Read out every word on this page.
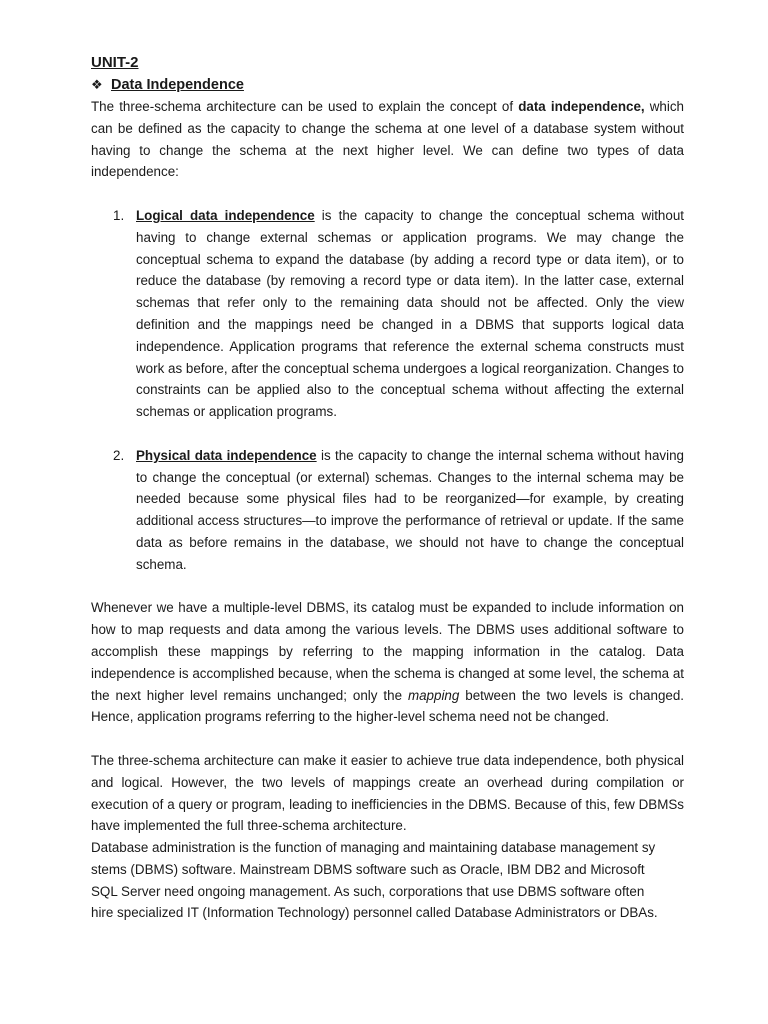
UNIT-2
❖ Data Independence

The three-schema architecture can be used to explain the concept of data independence, which can be defined as the capacity to change the schema at one level of a database system without having to change the schema at the next higher level. We can define two types of data independence:

1. Logical data independence is the capacity to change the conceptual schema without having to change external schemas or application programs. We may change the conceptual schema to expand the database (by adding a record type or data item), or to reduce the database (by removing a record type or data item). In the latter case, external schemas that refer only to the remaining data should not be affected. Only the view definition and the mappings need be changed in a DBMS that supports logical data independence. Application programs that reference the external schema constructs must work as before, after the conceptual schema undergoes a logical reorganization. Changes to constraints can be applied also to the conceptual schema without affecting the external schemas or application programs.
2. Physical data independence is the capacity to change the internal schema without having to change the conceptual (or external) schemas. Changes to the internal schema may be needed because some physical files had to be reorganized—for example, by creating additional access structures—to improve the performance of retrieval or update. If the same data as before remains in the database, we should not have to change the conceptual schema.

Whenever we have a multiple-level DBMS, its catalog must be expanded to include information on how to map requests and data among the various levels. The DBMS uses additional software to accomplish these mappings by referring to the mapping information in the catalog. Data independence is accomplished because, when the schema is changed at some level, the schema at the next higher level remains unchanged; only the mapping between the two levels is changed. Hence, application programs referring to the higher-level schema need not be changed.

The three-schema architecture can make it easier to achieve true data independence, both physical and logical. However, the two levels of mappings create an overhead during compilation or execution of a query or program, leading to inefficiencies in the DBMS. Because of this, few DBMSs have implemented the full three-schema architecture.

Database administration is the function of managing and maintaining database management sy
stems (DBMS) software. Mainstream DBMS software such as Oracle, IBM DB2 and Microsoft
SQL Server need ongoing management. As such, corporations that use DBMS software often
hire specialized IT (Information Technology) personnel called Database Administrators or DBAs.
